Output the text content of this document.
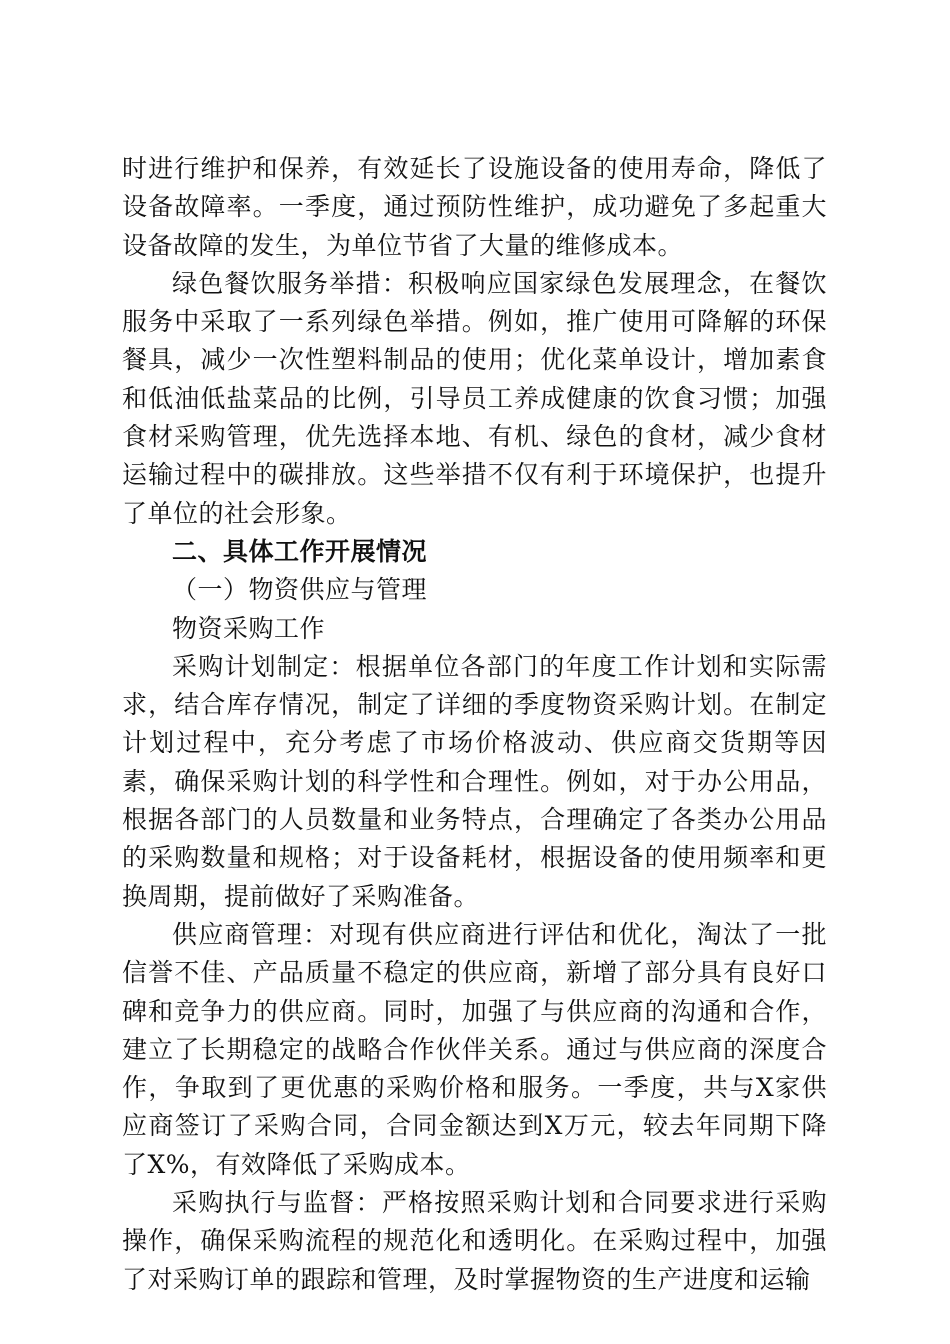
时进行维护和保养，有效延长了设施设备的使用寿命，降低了设备故障率。一季度，通过预防性维护，成功避免了多起重大设备故障的发生，为单位节省了大量的维修成本。

绿色餐饮服务举措：积极响应国家绿色发展理念，在餐饮服务中采取了一系列绿色举措。例如，推广使用可降解的环保餐具，减少一次性塑料制品的使用；优化菜单设计，增加素食和低油低盐菜品的比例，引导员工养成健康的饮食习惯；加强食材采购管理，优先选择本地、有机、绿色的食材，减少食材运输过程中的碳排放。这些举措不仅有利于环境保护，也提升了单位的社会形象。

二、具体工作开展情况

（一）物资供应与管理

物资采购工作

采购计划制定：根据单位各部门的年度工作计划和实际需求，结合库存情况，制定了详细的季度物资采购计划。在制定计划过程中，充分考虑了市场价格波动、供应商交货期等因素，确保采购计划的科学性和合理性。例如，对于办公用品，根据各部门的人员数量和业务特点，合理确定了各类办公用品的采购数量和规格；对于设备耗材，根据设备的使用频率和更换周期，提前做好了采购准备。

供应商管理：对现有供应商进行评估和优化，淘汰了一批信誉不佳、产品质量不稳定的供应商，新增了部分具有良好口碑和竞争力的供应商。同时，加强了与供应商的沟通和合作，建立了长期稳定的战略合作伙伴关系。通过与供应商的深度合作，争取到了更优惠的采购价格和服务。一季度，共与X家供应商签订了采购合同，合同金额达到X万元，较去年同期下降了X%，有效降低了采购成本。

采购执行与监督：严格按照采购计划和合同要求进行采购操作，确保采购流程的规范化和透明化。在采购过程中，加强了对采购订单的跟踪和管理，及时掌握物资的生产进度和运输
